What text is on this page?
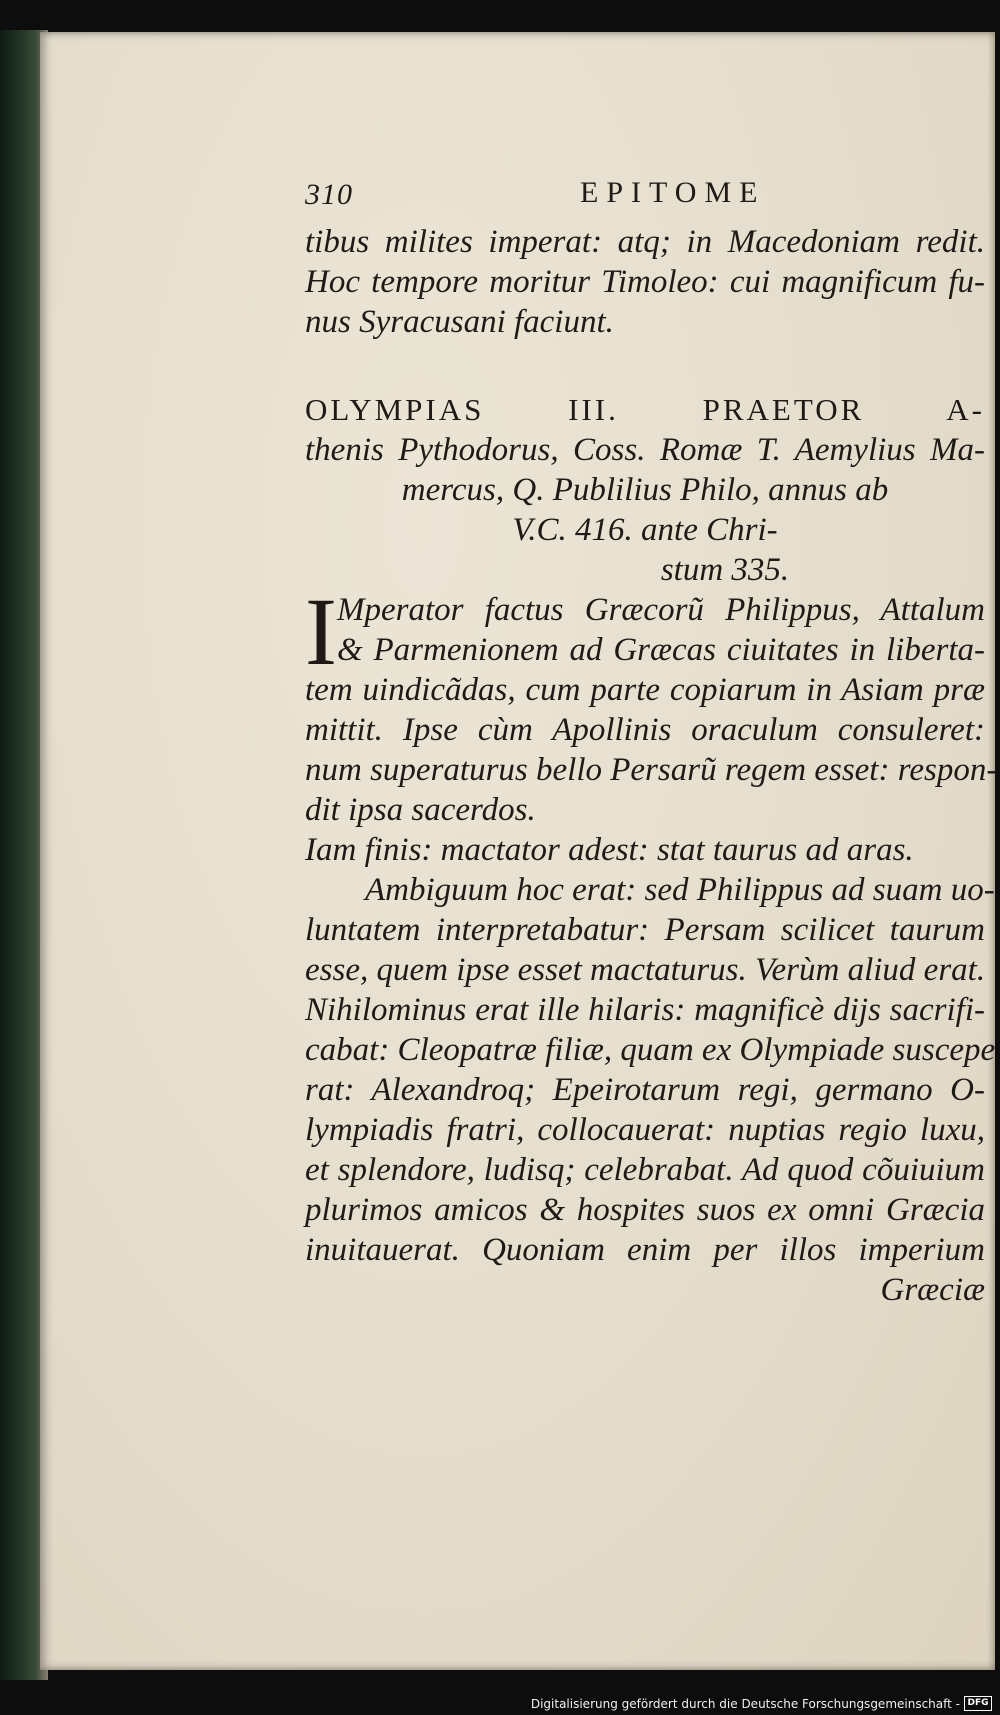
310	EPITOME
tibus milites imperat: atq; in Macedoniam redit.
Hoc tempore moritur Timoleo: cui magnificum fu-
nus Syracusani faciunt.
OLYMPIAS III. PRAETOR A-
thenis Pythodorus, Coss. Romæ T. Aemylius Ma-
mercus, Q. Publilius Philo, annus ab
V.C. 416. ante Chri-
stum 335.
I Mperator factus Græcorũ Philippus, Attalum
& Parmenionem ad Græcas ciuitates in liberta-
tem uindicãdas, cum parte copiarum in Asiam præ
mittit. Ipse cùm Apollinis oraculum consuleret:
num superaturus bello Persarũ regem esset: respon-
dit ipsa sacerdos.
Iam finis: mactator adest: stat taurus ad aras.
Ambiguum hoc erat: sed Philippus ad suam uo-
luntatem interpretabatur: Persam scilicet taurum
esse, quem ipse esset mactaturus. Verùm aliud erat.
Nihilominus erat ille hilaris: magnificè dijs sacrifi-
cabat: Cleopatræ filiæ, quam ex Olympiade suscepe
rat: Alexandroq; Epeirotarum regi, germano O-
lympiadis fratri, collocauerat: nuptias regio luxu,
et splendore, ludisq; celebrabat. Ad quod cõuiuium
plurimos amicos & hospites suos ex omni Græcia
inuitauerat. Quoniam enim per illos imperium
Græciæ
Digitalisierung gefördert durch die Deutsche Forschungsgemeinschaft - DFG
